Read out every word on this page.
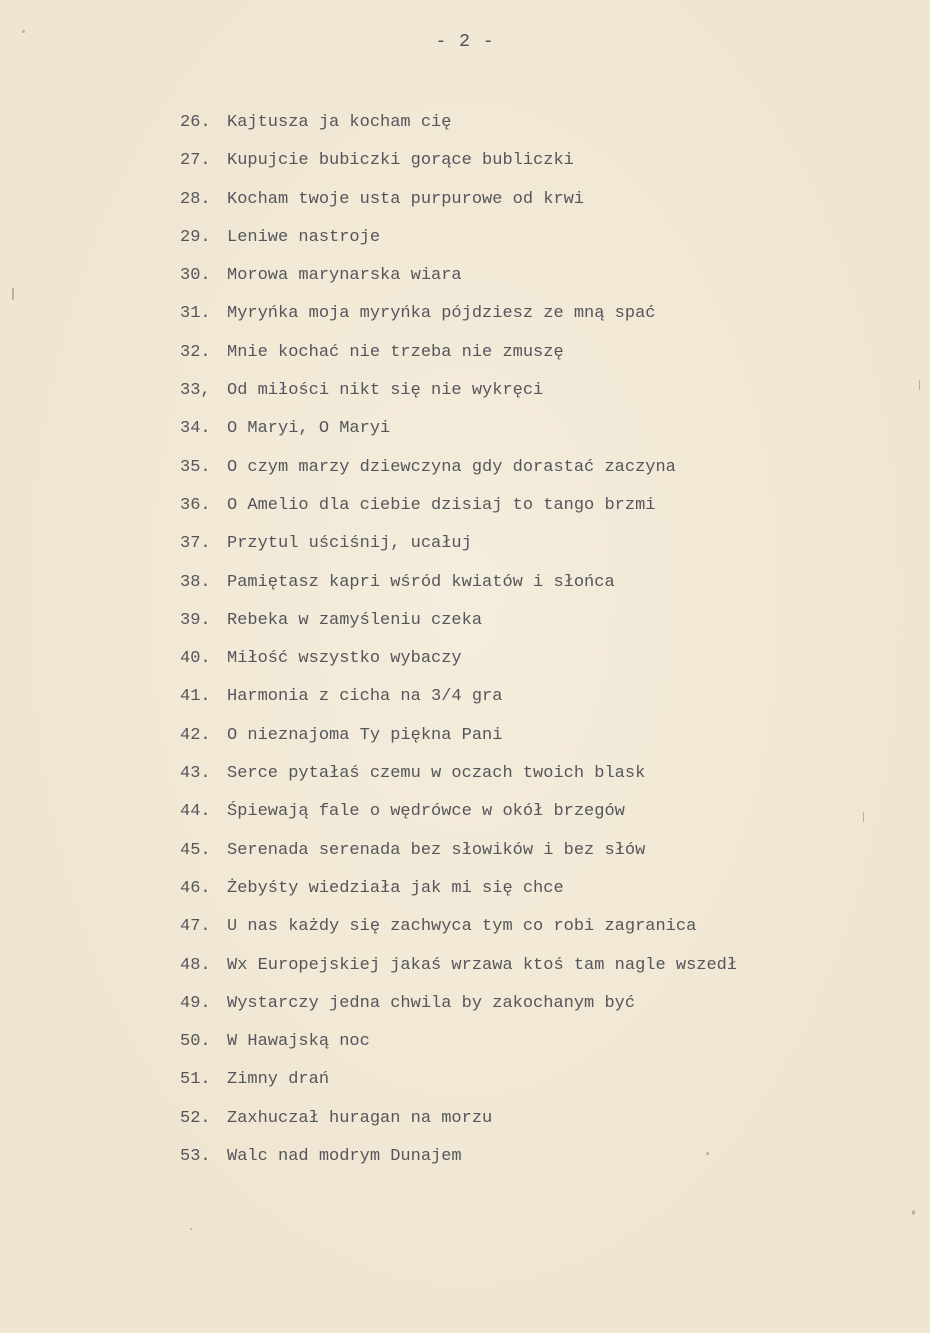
- 2 -
26. Kajtusza ja kocham cię
27. Kupujcie bubiczki gorące bubliczki
28. Kocham twoje usta purpurowe od krwi
29. Leniwe nastroje
30. Morowa marynarska wiara
31. Myryńka moja myryńka pójdziesz ze mną spać
32. Mnie kochać nie trzeba nie zmuszę
33, Od miłości nikt się nie wykręci
34. O Maryi, O Maryi
35. O czym marzy dziewczyna gdy dorastać zaczyna
36. O Amelio dla ciebie dzisiaj to tango brzmi
37. Przytul uściśnij, ucałuj
38. Pamiętasz kapri wśród kwiatów i słońca
39. Rebeka w zamyśleniu czeka
40. Miłość wszystko wybaczy
41. Harmonia z cicha na 3/4 gra
42. O nieznajoma Ty piękna Pani
43. Serce pytałaś czemu w oczach twoich blask
44. Śpiewają fale o wędrówce w okół brzegów
45. Serenada serenada bez słowików i bez słów
46. Żebyśty wiedziała jak mi się chce
47. U nas każdy się zachwyca tym co robi zagranica
48. Wx Europejskiej jakaś wrzawa ktoś tam nagle wszedł
49. Wystarczy jedna chwila by zakochanym być
50. W Hawajską noc
51. Zimny drań
52. Zaxhuczał huragan na morzu
53. Walc nad modrym Dunajem
